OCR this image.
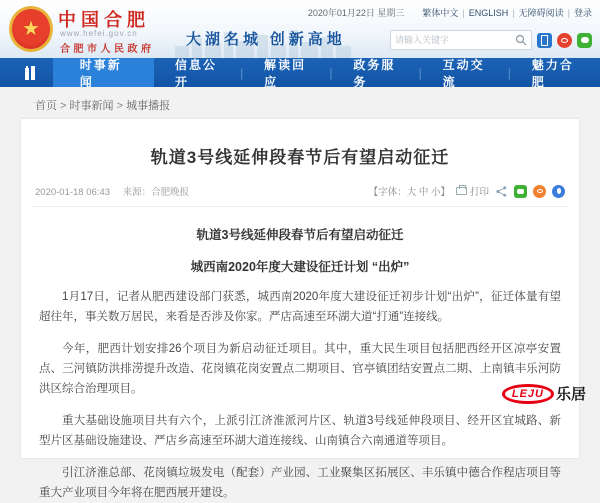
★ 中国合肥
www.hefei.gov.cn
合肥市人民政府
大湖名城 创新高地
2020年01月22日 星期三 繁体中文 | ENGLISH | 无障碍阅读 | 登录
请输入关键字
时事新闻
信息公开
| 解读回应
| 政务服务
| 互动交流
| 魅力合肥
首页 > 时事新闻 > 城事播报
轨道3号线延伸段春节后有望启动征迁
2020-01-18 06:43 来源：合肥晚报	【字体：大 中 小】 打印
轨道3号线延伸段春节后有望启动征迁
城西南2020年度大建设征迁计划 “出炉”

1月17日，记者从肥西建设部门获悉，城西南2020年度大建设征迁初步计划“出炉”，征迁体量有望超往年，事关数万居民，来看是否涉及你家。严店高速至环湖大道“打通”连接线。

今年，肥西计划安排26个项目为新启动征迁项目。其中，重大民生项目包括肥西经开区凉亭安置点、三河镇防洪排涝提升改造、花岗镇花岗安置点二期项目、官亭镇团结安置点二期、上南镇丰乐河防洪区综合治理项目。

重大基础设施项目共有六个，上派引江济淮派河片区、轨道3号线延伸段项目、经开区宜城路、新型片区基础设施建设、严店乡高速至环湖大道连接线、山南镇合六南通道等项目。

引江济淮总部、花岗镇垃圾发电（配套）产业园、工业聚集区拓展区、丰乐镇中德合作程店项目等重大产业项目今年将在肥西展开建设。

LEJU 乐居
